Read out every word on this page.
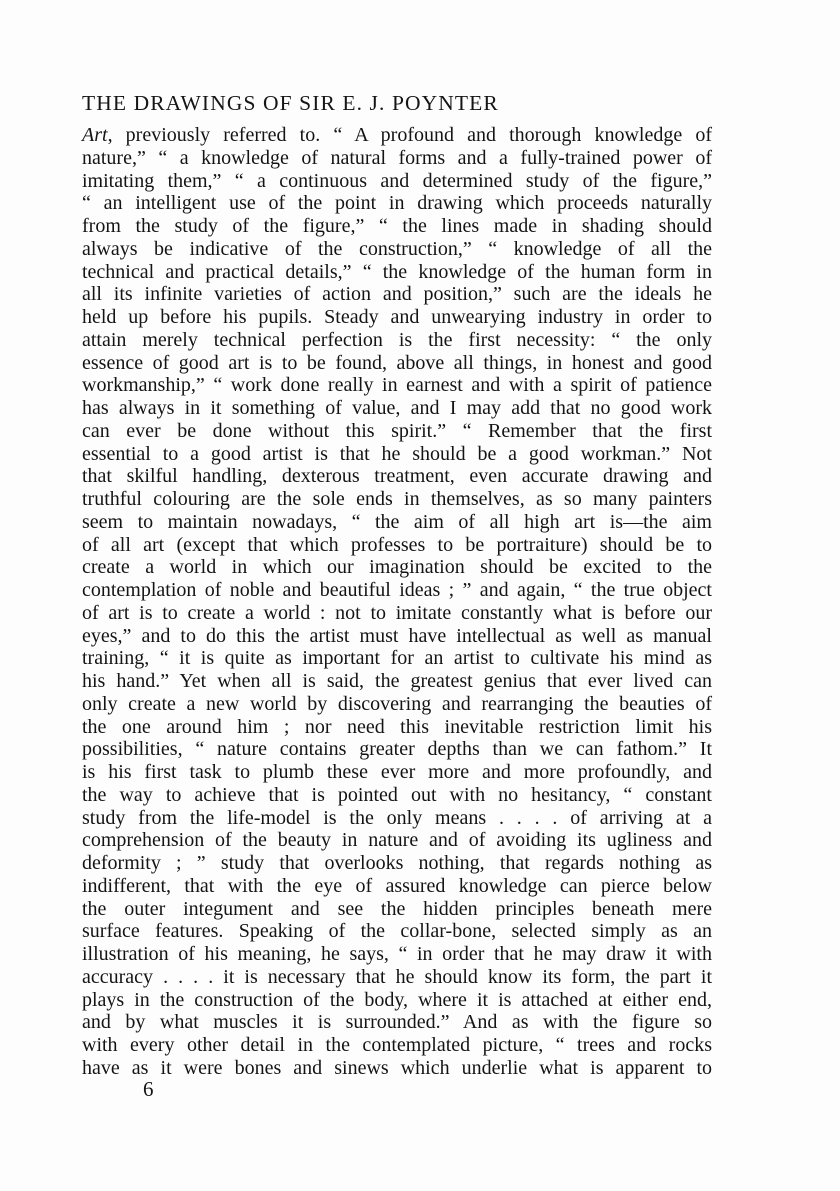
THE DRAWINGS OF SIR E. J. POYNTER
Art, previously referred to. “ A profound and thorough knowledge of
nature,” “ a knowledge of natural forms and a fully-trained power of
imitating them,” “ a continuous and determined study of the figure,”
“ an intelligent use of the point in drawing which proceeds naturally
from the study of the figure,” “ the lines made in shading should
always be indicative of the construction,” “ knowledge of all the
technical and practical details,” “ the knowledge of the human form in
all its infinite varieties of action and position,” such are the ideals he
held up before his pupils. Steady and unwearying industry in order to
attain merely technical perfection is the first necessity: “ the only
essence of good art is to be found, above all things, in honest and good
workmanship,” “ work done really in earnest and with a spirit of patience
has always in it something of value, and I may add that no good work
can ever be done without this spirit.” “ Remember that the first
essential to a good artist is that he should be a good workman.” Not
that skilful handling, dexterous treatment, even accurate drawing and
truthful colouring are the sole ends in themselves, as so many painters
seem to maintain nowadays, “ the aim of all high art is—the aim
of all art (except that which professes to be portraiture) should be to
create a world in which our imagination should be excited to the
contemplation of noble and beautiful ideas ; ” and again, “ the true object
of art is to create a world : not to imitate constantly what is before our
eyes,” and to do this the artist must have intellectual as well as manual
training, “ it is quite as important for an artist to cultivate his mind as
his hand.” Yet when all is said, the greatest genius that ever lived can
only create a new world by discovering and rearranging the beauties of
the one around him ; nor need this inevitable restriction limit his
possibilities, “ nature contains greater depths than we can fathom.” It
is his first task to plumb these ever more and more profoundly, and
the way to achieve that is pointed out with no hesitancy, “ constant
study from the life-model is the only means . . . . of arriving at a
comprehension of the beauty in nature and of avoiding its ugliness and
deformity ; ” study that overlooks nothing, that regards nothing as
indifferent, that with the eye of assured knowledge can pierce below
the outer integument and see the hidden principles beneath mere
surface features. Speaking of the collar-bone, selected simply as an
illustration of his meaning, he says, “ in order that he may draw it with
accuracy . . . . it is necessary that he should know its form, the part it
plays in the construction of the body, where it is attached at either end,
and by what muscles it is surrounded.” And as with the figure so
with every other detail in the contemplated picture, “ trees and rocks
have as it were bones and sinews which underlie what is apparent to
6
